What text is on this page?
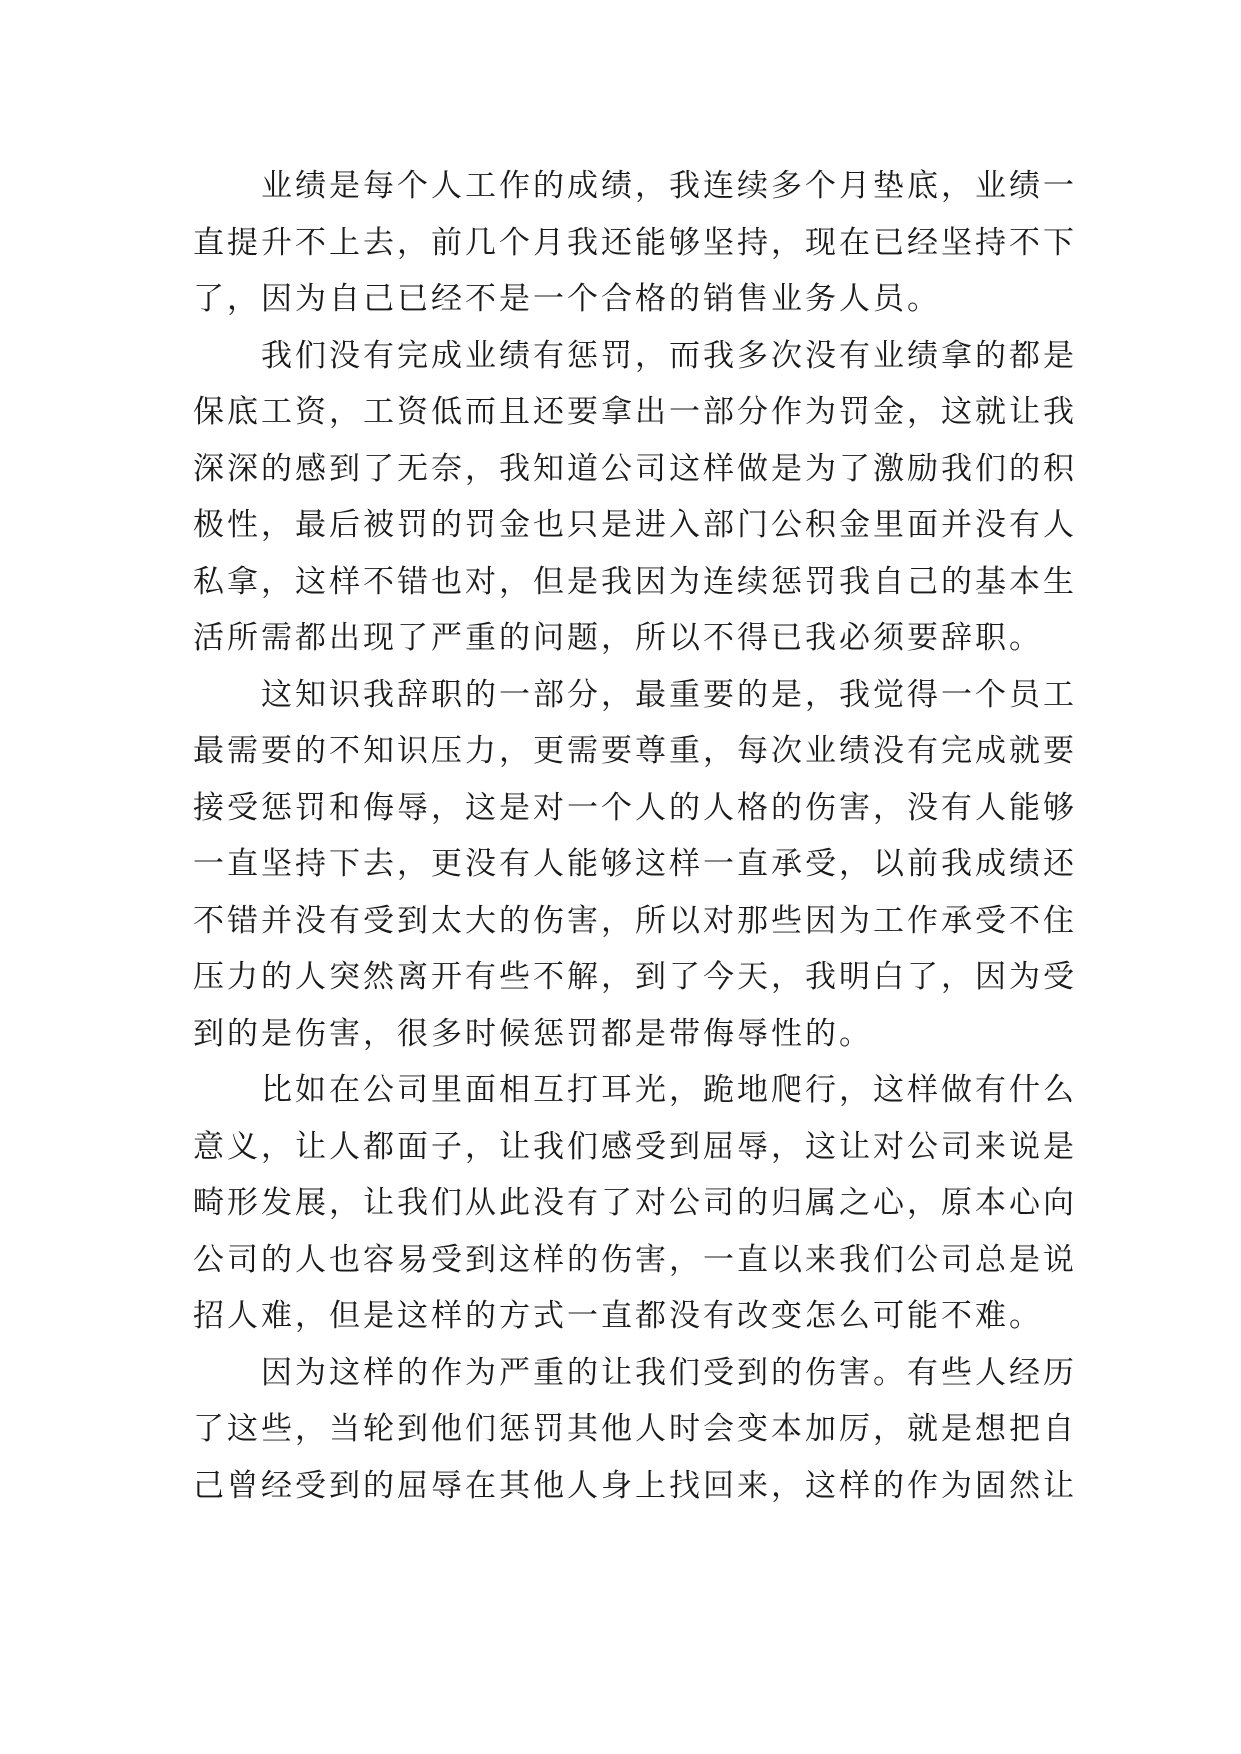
业绩是每个人工作的成绩，我连续多个月垫底，业绩一
直提升不上去，前几个月我还能够坚持，现在已经坚持不下
了，因为自己已经不是一个合格的销售业务人员。

我们没有完成业绩有惩罚，而我多次没有业绩拿的都是
保底工资，工资低而且还要拿出一部分作为罚金，这就让我
深深的感到了无奈，我知道公司这样做是为了激励我们的积
极性，最后被罚的罚金也只是进入部门公积金里面并没有人
私拿，这样不错也对，但是我因为连续惩罚我自己的基本生
活所需都出现了严重的问题，所以不得已我必须要辞职。

这知识我辞职的一部分，最重要的是，我觉得一个员工
最需要的不知识压力，更需要尊重，每次业绩没有完成就要
接受惩罚和侮辱，这是对一个人的人格的伤害，没有人能够
一直坚持下去，更没有人能够这样一直承受，以前我成绩还
不错并没有受到太大的伤害，所以对那些因为工作承受不住
压力的人突然离开有些不解，到了今天，我明白了，因为受
到的是伤害，很多时候惩罚都是带侮辱性的。

比如在公司里面相互打耳光，跪地爬行，这样做有什么
意义，让人都面子，让我们感受到屈辱，这让对公司来说是
畸形发展，让我们从此没有了对公司的归属之心，原本心向
公司的人也容易受到这样的伤害，一直以来我们公司总是说
招人难，但是这样的方式一直都没有改变怎么可能不难。

因为这样的作为严重的让我们受到的伤害。有些人经历
了这些，当轮到他们惩罚其他人时会变本加厉，就是想把自
己曾经受到的屈辱在其他人身上找回来，这样的作为固然让
